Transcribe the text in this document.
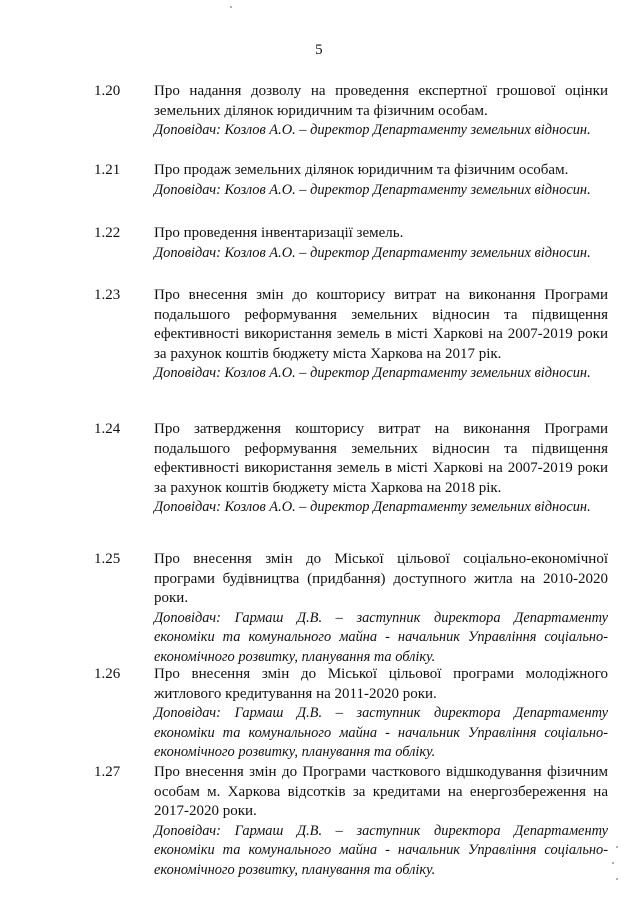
5
1.20 Про надання дозволу на проведення експертної грошової оцінки земельних ділянок юридичним та фізичним особам.
Доповідач: Козлов А.О. – директор Департаменту земельних відносин.
1.21 Про продаж земельних ділянок юридичним та фізичним особам.
Доповідач: Козлов А.О. – директор Департаменту земельних відносин.
1.22 Про проведення інвентаризації земель.
Доповідач: Козлов А.О. – директор Департаменту земельних відносин.
1.23 Про внесення змін до кошторису витрат на виконання Програми подальшого реформування земельних відносин та підвищення ефективності використання земель в місті Харкові на 2007-2019 роки за рахунок коштів бюджету міста Харкова на 2017 рік.
Доповідач: Козлов А.О. – директор Департаменту земельних відносин.
1.24 Про затвердження кошторису витрат на виконання Програми подальшого реформування земельних відносин та підвищення ефективності використання земель в місті Харкові на 2007-2019 роки за рахунок коштів бюджету міста Харкова на 2018 рік.
Доповідач: Козлов А.О. – директор Департаменту земельних відносин.
1.25 Про внесення змін до Міської цільової соціально-економічної програми будівництва (придбання) доступного житла на 2010-2020 роки.
Доповідач: Гармаш Д.В. – заступник директора Департаменту економіки та комунального майна - начальник Управління соціально-економічного розвитку, планування та обліку.
1.26 Про внесення змін до Міської цільової програми молодіжного житлового кредитування на 2011-2020 роки.
Доповідач: Гармаш Д.В. – заступник директора Департаменту економіки та комунального майна - начальник Управління соціально-економічного розвитку, планування та обліку.
1.27 Про внесення змін до Програми часткового відшкодування фізичним особам м. Харкова відсотків за кредитами на енергозбереження на 2017-2020 роки.
Доповідач: Гармаш Д.В. – заступник директора Департаменту економіки та комунального майна - начальник Управління соціально-економічного розвитку, планування та обліку.
